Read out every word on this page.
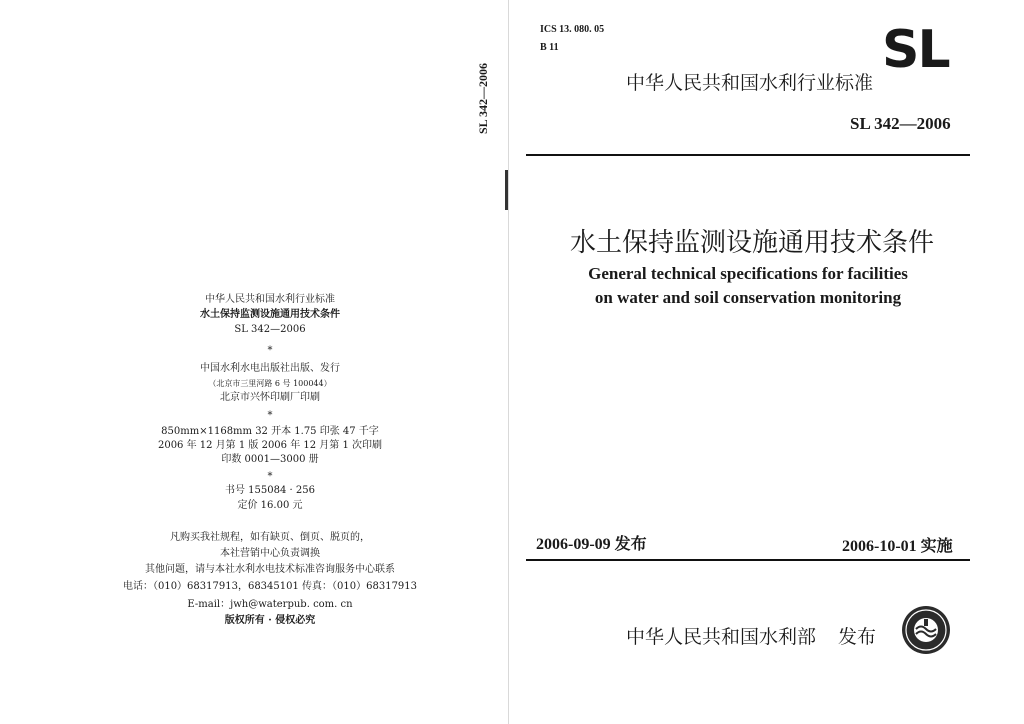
中华人民共和国水利行业标准
水土保持监测设施通用技术条件
SL 342—2006
*
中国水利水电出版社出版、发行
（北京市三里河路 6 号 100044）
北京市兴怀印刷厂印刷
*
850mm×1168mm 32 开本 1.75 印张 47 千字
2006 年 12 月第 1 版 2006 年 12 月第 1 次印刷
印数 0001—3000 册
*
书号 155084 · 256
定价 16.00 元
凡购买我社规程，如有缺页、倒页、脱页的，
本社营销中心负责调换
其他问题，请与本社水利水电技术标准咨询服务中心联系
电话：（010）68317913，68345101 传真：（010）68317913
E-mail：jwh@waterpub. com. cn
版权所有 · 侵权必究
SL 342—2006
ICS 13. 080. 05
B 11	SL
中华人民共和国水利行业标准
SL 342—2006
水土保持监测设施通用技术条件
General technical specifications for facilities
on water and soil conservation monitoring
2006-09-09 发布	2006-10-01 实施
中华人民共和国水利部 发布
